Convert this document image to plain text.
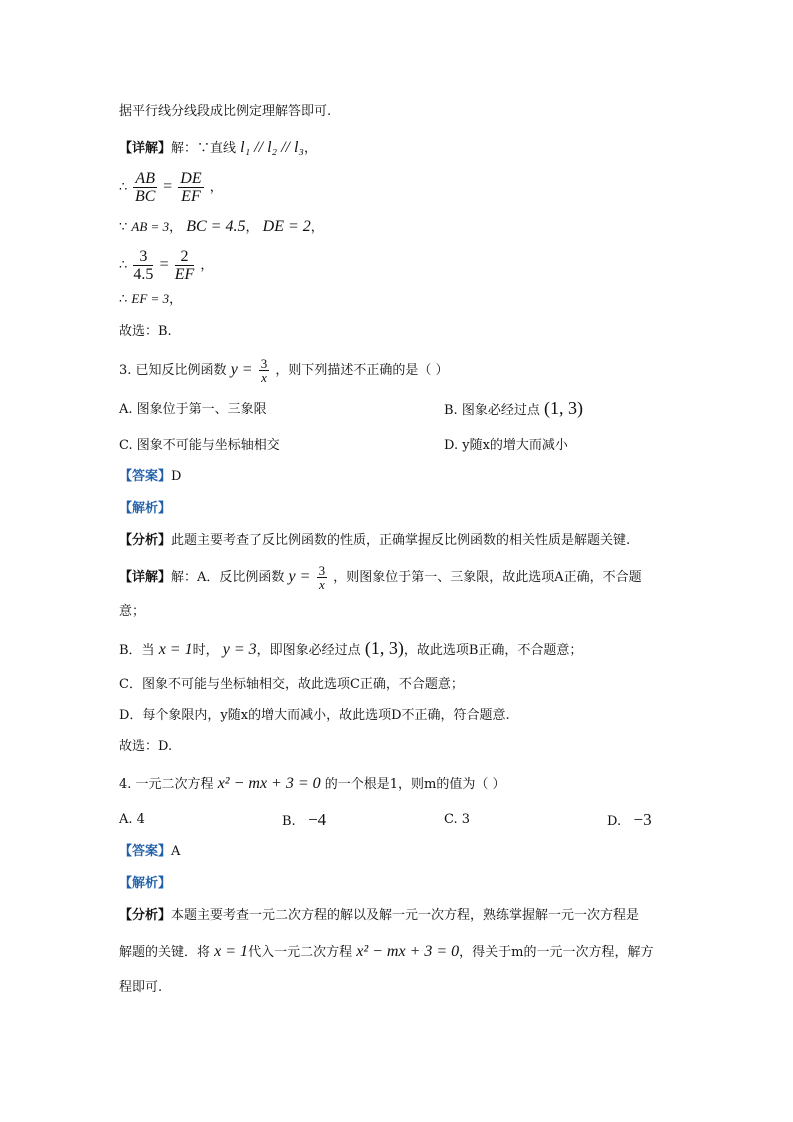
据平行线分线段成比例定理解答即可.
【详解】解：∵直线 l₁ // l₂ // l₃，
∴ $\frac{AB}{BC} = \frac{DE}{EF}$ ，
∵ AB = 3， BC = 4.5， DE = 2，
∴ $\frac{3}{4.5} = \frac{2}{EF}$ ，
∴ EF = 3，
故选：B.
3. 已知反比例函数 $y = \frac{3}{x}$ ，则下列描述不正确的是（ ）
A. 图象位于第一、三象限	B. 图象必经过点 (1, 3)
C. 图象不可能与坐标轴相交	D. y随x的增大而减小
【答案】D
【解析】
【分析】此题主要考查了反比例函数的性质，正确掌握反比例函数的相关性质是解题关键.
【详解】解：A．反比例函数 $y = \frac{3}{x}$ ，则图象位于第一、三象限，故此选项A正确，不合题
意；
B．当 x = 1时， y = 3，即图象必经过点 (1, 3)，故此选项B正确，不合题意；
C．图象不可能与坐标轴相交，故此选项C正确，不合题意；
D．每个象限内，y随x的增大而减小，故此选项D不正确，符合题意.
故选：D.
4. 一元二次方程 x² − mx + 3 = 0 的一个根是1，则m的值为（ ）
A. 4	B. −4	C. 3	D. −3
【答案】A
【解析】
【分析】本题主要考查一元二次方程的解以及解一元一次方程，熟练掌握解一元一次方程是
解题的关键．将 x = 1代入一元二次方程 x² − mx + 3 = 0，得关于m的一元一次方程，解方
程即可.
